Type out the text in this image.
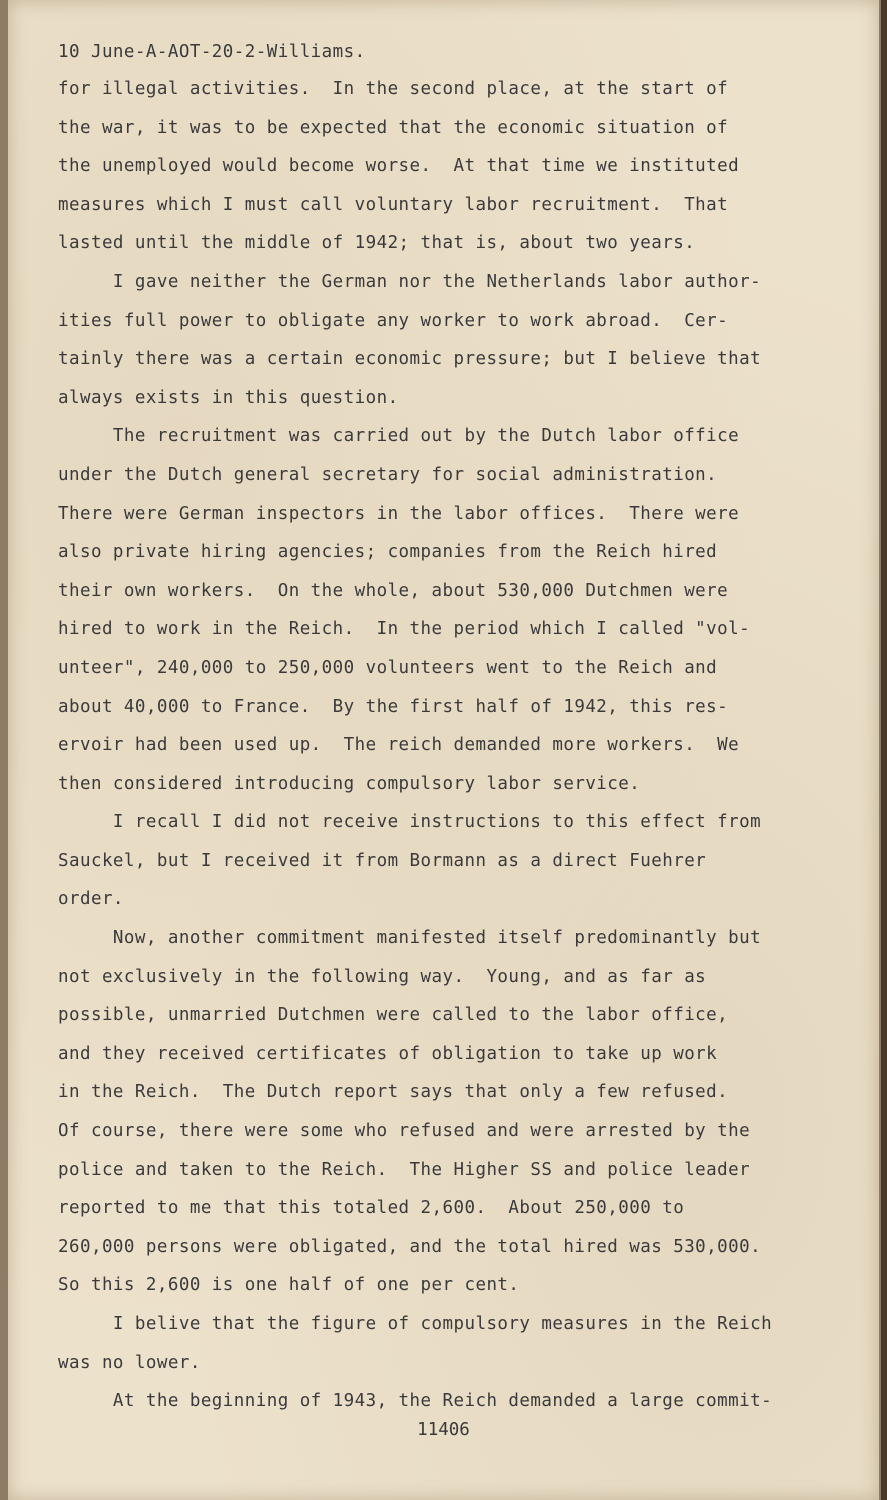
10 June-A-AOT-20-2-Williams.
for illegal activities.  In the second place, at the start of
the war, it was to be expected that the economic situation of
the unemployed would become worse.  At that time we instituted
measures which I must call voluntary labor recruitment.  That
lasted until the middle of 1942; that is, about two years.
I gave neither the German nor the Netherlands labor author-
ities full power to obligate any worker to work abroad.  Cer-
tainly there was a certain economic pressure; but I believe that
always exists in this question.
The recruitment was carried out by the Dutch labor office
under the Dutch general secretary for social administration.
There were German inspectors in the labor offices.  There were
also private hiring agencies; companies from the Reich hired
their own workers.  On the whole, about 530,000 Dutchmen were
hired to work in the Reich.  In the period which I called "vol-
unteer", 240,000 to 250,000 volunteers went to the Reich and
about 40,000 to France.  By the first half of 1942, this res-
ervoir had been used up.  The reich demanded more workers.  We
then considered introducing compulsory labor service.
I recall I did not receive instructions to this effect from
Sauckel, but I received it from Bormann as a direct Fuehrer
order.
Now, another commitment manifested itself predominantly but
not exclusively in the following way.  Young, and as far as
possible, unmarried Dutchmen were called to the labor office,
and they received certificates of obligation to take up work
in the Reich.  The Dutch report says that only a few refused.
Of course, there were some who refused and were arrested by the
police and taken to the Reich.  The Higher SS and police leader
reported to me that this totaled 2,600.  About 250,000 to
260,000 persons were obligated, and the total hired was 530,000.
So this 2,600 is one half of one per cent.
I belive that the figure of compulsory measures in the Reich
was no lower.
At the beginning of 1943, the Reich demanded a large commit-
11406
